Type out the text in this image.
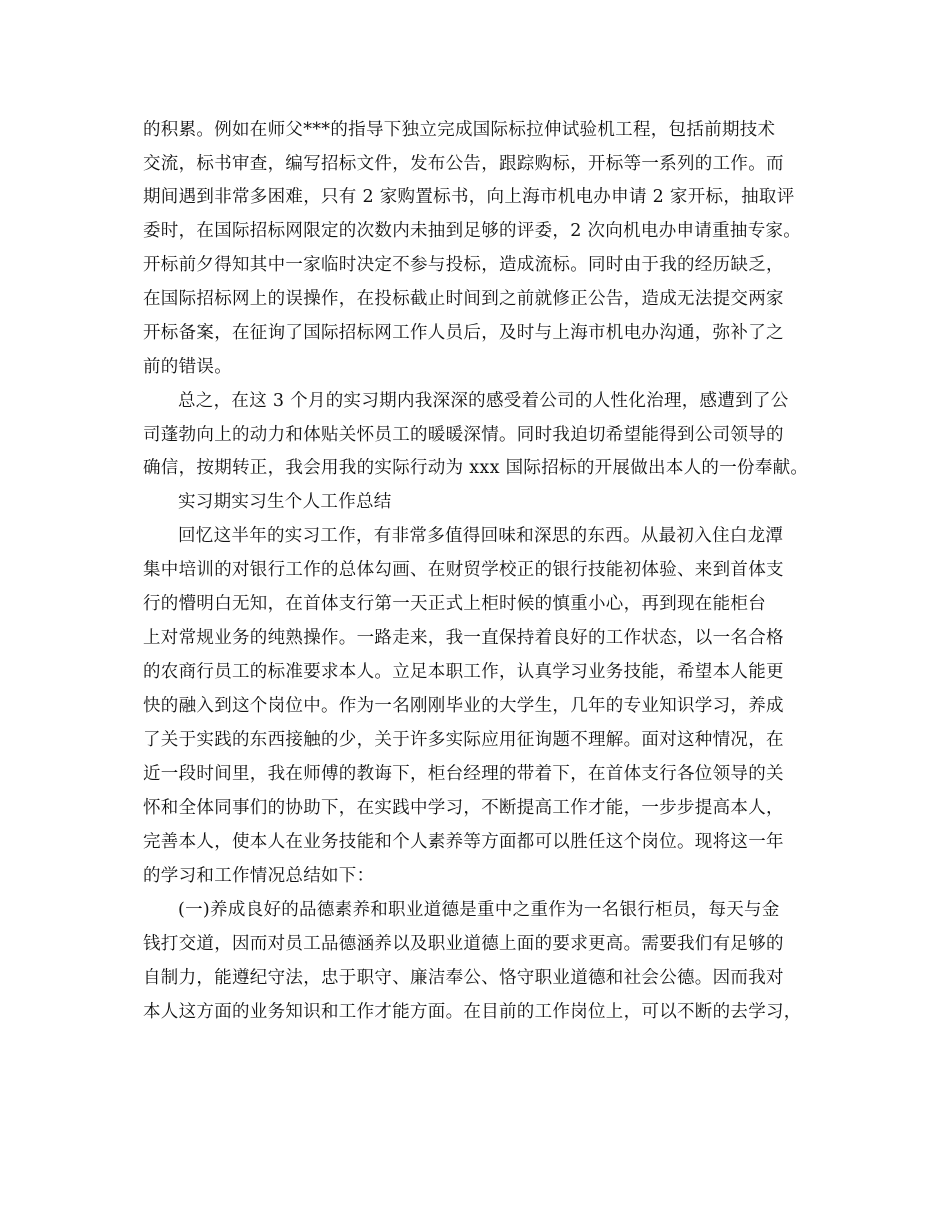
的积累。例如在师父***的指导下独立完成国际标拉伸试验机工程，包括前期技术
交流，标书审查，编写招标文件，发布公告，跟踪购标，开标等一系列的工作。而
期间遇到非常多困难，只有 2 家购置标书，向上海市机电办申请 2 家开标，抽取评
委时，在国际招标网限定的次数内未抽到足够的评委，2 次向机电办申请重抽专家。
开标前夕得知其中一家临时决定不参与投标，造成流标。同时由于我的经历缺乏，
在国际招标网上的误操作，在投标截止时间到之前就修正公告，造成无法提交两家
开标备案，在征询了国际招标网工作人员后，及时与上海市机电办沟通，弥补了之
前的错误。
总之，在这 3 个月的实习期内我深深的感受着公司的人性化治理，感遭到了公
司蓬勃向上的动力和体贴关怀员工的暖暖深情。同时我迫切希望能得到公司领导的
确信，按期转正，我会用我的实际行动为 xxx 国际招标的开展做出本人的一份奉献。
实习期实习生个人工作总结
回忆这半年的实习工作，有非常多值得回味和深思的东西。从最初入住白龙潭
集中培训的对银行工作的总体勾画、在财贸学校正的银行技能初体验、来到首体支
行的懵明白无知，在首体支行第一天正式上柜时候的慎重小心，再到现在能柜台
上对常规业务的纯熟操作。一路走来，我一直保持着良好的工作状态，以一名合格
的农商行员工的标准要求本人。立足本职工作，认真学习业务技能，希望本人能更
快的融入到这个岗位中。作为一名刚刚毕业的大学生，几年的专业知识学习，养成
了关于实践的东西接触的少，关于许多实际应用征询题不理解。面对这种情况，在
近一段时间里，我在师傅的教诲下，柜台经理的带着下，在首体支行各位领导的关
怀和全体同事们的协助下，在实践中学习，不断提高工作才能，一步步提高本人，
完善本人，使本人在业务技能和个人素养等方面都可以胜任这个岗位。现将这一年
的学习和工作情况总结如下：
(一)养成良好的品德素养和职业道德是重中之重作为一名银行柜员，每天与金
钱打交道，因而对员工品德涵养以及职业道德上面的要求更高。需要我们有足够的
自制力，能遵纪守法，忠于职守、廉洁奉公、恪守职业道德和社会公德。因而我对
本人这方面的业务知识和工作才能方面。在目前的工作岗位上，可以不断的去学习，
